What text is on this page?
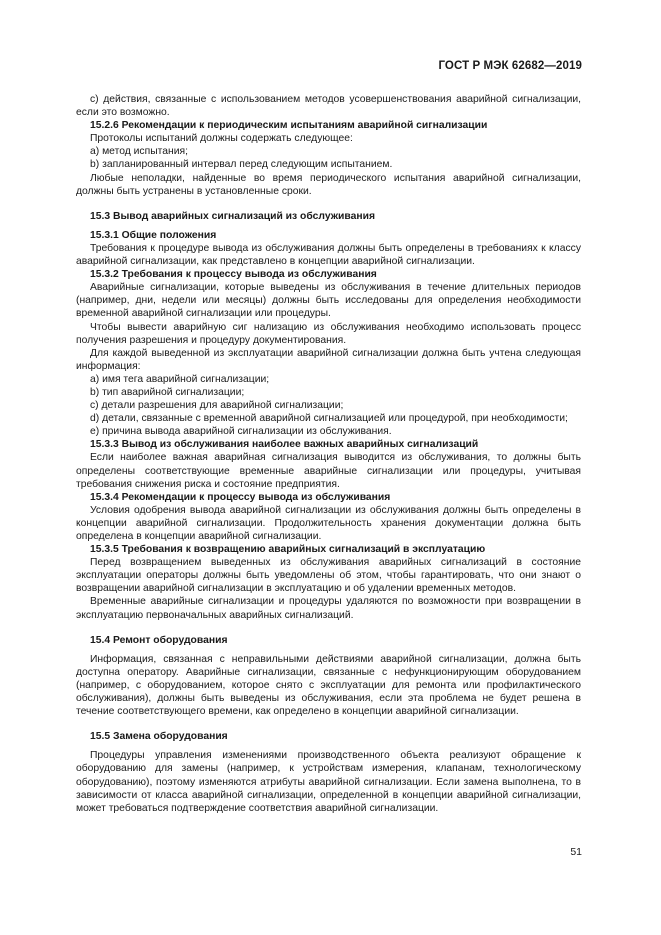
ГОСТ Р МЭК 62682—2019

c) действия, связанные с использованием методов усовершенствования аварийной сигнализации, если это возможно.

15.2.6 Рекомендации к периодическим испытаниям аварийной сигнализации

Протоколы испытаний должны содержать следующее:

a) метод испытания;

b) запланированный интервал перед следующим испытанием.

Любые неполадки, найденные во время периодического испытания аварийной сигнализации, должны быть устранены в установленные сроки.

15.3 Вывод аварийных сигнализаций из обслуживания

15.3.1 Общие положения

Требования к процедуре вывода из обслуживания должны быть определены в требованиях к классу аварийной сигнализации, как представлено в концепции аварийной сигнализации.

15.3.2 Требования к процессу вывода из обслуживания

Аварийные сигнализации, которые выведены из обслуживания в течение длительных периодов (например, дни, недели или месяцы) должны быть исследованы для определения необходимости временной аварийной сигнализации или процедуры.

Чтобы вывести аварийную сиг нализацию из обслуживания необходимо использовать процесс получения разрешения и процедуру документирования.

Для каждой выведенной из эксплуатации аварийной сигнализации должна быть учтена следующая информация:

a) имя тега аварийной сигнализации;

b) тип аварийной сигнализации;

c) детали разрешения для аварийной сигнализации;

d) детали, связанные с временной аварийной сигнализацией или процедурой, при необходимости;

e) причина вывода аварийной сигнализации из обслуживания.

15.3.3 Вывод из обслуживания наиболее важных аварийных сигнализаций

Если наиболее важная аварийная сигнализация выводится из обслуживания, то должны быть определены соответствующие временные аварийные сигнализации или процедуры, учитывая требования снижения риска и состояние предприятия.

15.3.4 Рекомендации к процессу вывода из обслуживания

Условия одобрения вывода аварийной сигнализации из обслуживания должны быть определены в концепции аварийной сигнализации. Продолжительность хранения документации должна быть определена в концепции аварийной сигнализации.

15.3.5 Требования к возвращению аварийных сигнализаций в эксплуатацию

Перед возвращением выведенных из обслуживания аварийных сигнализаций в состояние эксплуатации операторы должны быть уведомлены об этом, чтобы гарантировать, что они знают о возвращении аварийной сигнализации в эксплуатацию и об удалении временных методов.

Временные аварийные сигнализации и процедуры удаляются по возможности при возвращении в эксплуатацию первоначальных аварийных сигнализаций.

15.4 Ремонт оборудования

Информация, связанная с неправильными действиями аварийной сигнализации, должна быть доступна оператору. Аварийные сигнализации, связанные с нефункционирующим оборудованием (например, с оборудованием, которое снято с эксплуатации для ремонта или профилактического обслуживания), должны быть выведены из обслуживания, если эта проблема не будет решена в течение соответствующего времени, как определено в концепции аварийной сигнализации.

15.5 Замена оборудования

Процедуры управления изменениями производственного объекта реализуют обращение к оборудованию для замены (например, к устройствам измерения, клапанам, технологическому оборудованию), поэтому изменяются атрибуты аварийной сигнализации. Если замена выполнена, то в зависимости от класса аварийной сигнализации, определенной в концепции аварийной сигнализации, может требоваться подтверждение соответствия аварийной сигнализации.

51
